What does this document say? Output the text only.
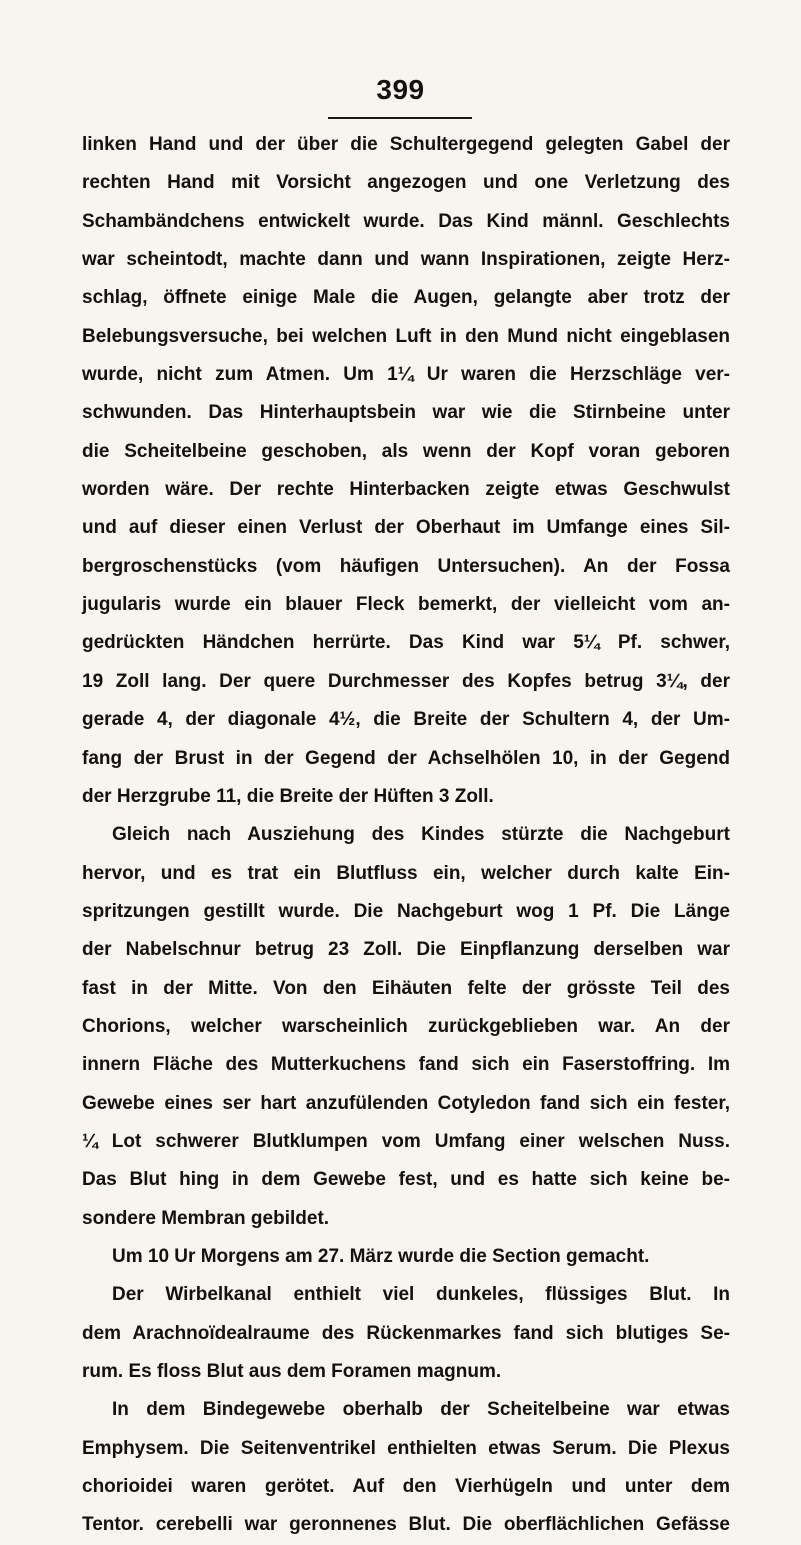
399
linken Hand und der über die Schultergegend gelegten Gabel der
rechten Hand mit Vorsicht angezogen und one Verletzung des
Schambändchens entwickelt wurde. Das Kind männl. Geschlechts
war scheintodt, machte dann und wann Inspirationen, zeigte Herz-
schlag, öffnete einige Male die Augen, gelangte aber trotz der
Belebungsversuche, bei welchen Luft in den Mund nicht eingeblasen
wurde, nicht zum Atmen. Um 1¼ Ur waren die Herzschläge ver-
schwunden. Das Hinterhauptsbein war wie die Stirnbeine unter
die Scheitelbeine geschoben, als wenn der Kopf voran geboren
worden wäre. Der rechte Hinterbacken zeigte etwas Geschwulst
und auf dieser einen Verlust der Oberhaut im Umfange eines Sil-
bergroschenstücks (vom häufigen Untersuchen). An der Fossa
jugularis wurde ein blauer Fleck bemerkt, der vielleicht vom an-
gedrückten Händchen herrürte. Das Kind war 5¼ Pf. schwer,
19 Zoll lang. Der quere Durchmesser des Kopfes betrug 3¼, der
gerade 4, der diagonale 4½, die Breite der Schultern 4, der Um-
fang der Brust in der Gegend der Achselhölen 10, in der Gegend
der Herzgrube 11, die Breite der Hüften 3 Zoll.
Gleich nach Ausziehung des Kindes stürzte die Nachgeburt
hervor, und es trat ein Blutfluss ein, welcher durch kalte Ein-
spritzungen gestillt wurde. Die Nachgeburt wog 1 Pf. Die Länge
der Nabelschnur betrug 23 Zoll. Die Einpflanzung derselben war
fast in der Mitte. Von den Eihäuten felte der grösste Teil des
Chorions, welcher warscheinlich zurückgeblieben war. An der
innern Fläche des Mutterkuchens fand sich ein Faserstoffring. Im
Gewebe eines ser hart anzufülenden Cotyledon fand sich ein fester,
¼ Lot schwerer Blutklumpen vom Umfang einer welschen Nuss.
Das Blut hing in dem Gewebe fest, und es hatte sich keine be-
sondere Membran gebildet.
Um 10 Ur Morgens am 27. März wurde die Section gemacht.
Der Wirbelkanal enthielt viel dunkeles, flüssiges Blut. In
dem Arachnoïdealraume des Rückenmarkes fand sich blutiges Se-
rum. Es floss Blut aus dem Foramen magnum.
In dem Bindegewebe oberhalb der Scheitelbeine war etwas
Emphysem. Die Seitenventrikel enthielten etwas Serum. Die Plexus
chorioidei waren gerötet. Auf den Vierhügeln und unter dem
Tentor. cerebelli war geronnenes Blut. Die oberflächlichen Gefässe
